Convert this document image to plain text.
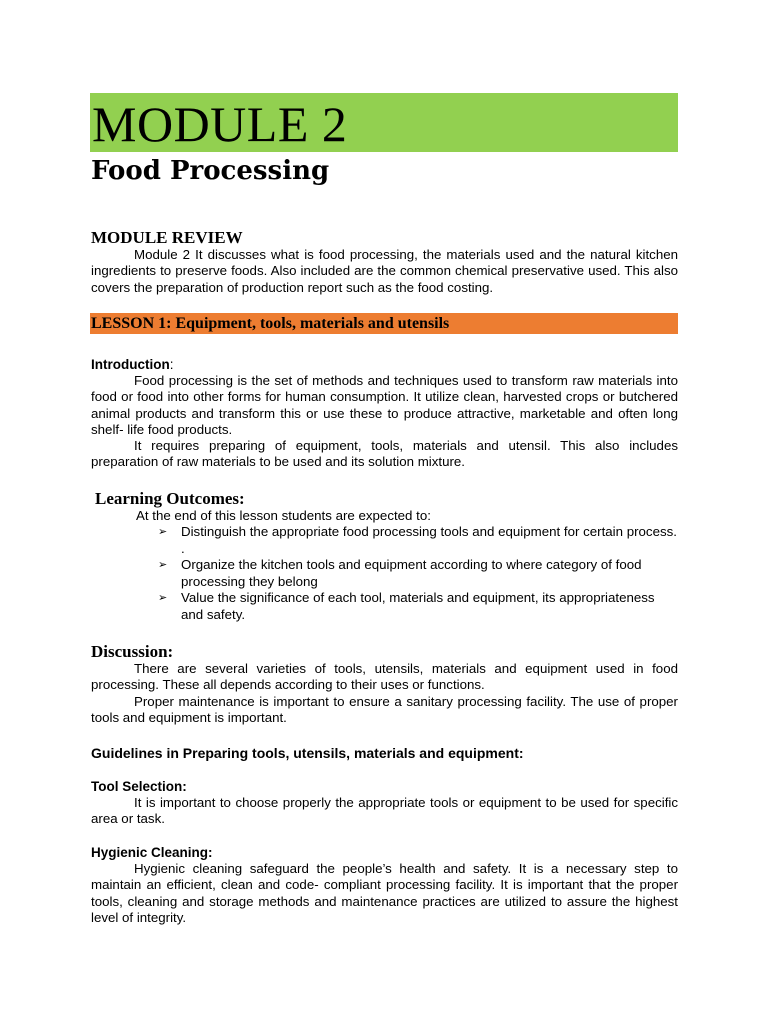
MODULE 2
Food Processing
MODULE REVIEW

Module 2 It discusses what is food processing, the materials used and the natural kitchen ingredients to preserve foods. Also included are the common chemical preservative used. This also covers the preparation of production report such as the food costing.

LESSON 1: Equipment, tools, materials and utensils
Introduction:

Food processing is the set of methods and techniques used to transform raw materials into food or food into other forms for human consumption. It utilize clean, harvested crops or butchered animal products and transform this or use these to produce attractive, marketable and often long shelf- life food products.

It requires preparing of equipment, tools, materials and utensil. This also includes preparation of raw materials to be used and its solution mixture.

Learning Outcomes:

At the end of this lesson students are expected to:

➢ Distinguish the appropriate food processing tools and equipment for certain process. .
➢ Organize the kitchen tools and equipment according to where category of food processing they belong
➢ Value the significance of each tool, materials and equipment, its appropriateness and safety.
Discussion:

There are several varieties of tools, utensils, materials and equipment used in food processing. These all depends according to their uses or functions.

Proper maintenance is important to ensure a sanitary processing facility. The use of proper tools and equipment is important.

Guidelines in Preparing tools, utensils, materials and equipment:
Tool Selection:

It is important to choose properly the appropriate tools or equipment to be used for specific area or task.

Hygienic Cleaning:

Hygienic cleaning safeguard the people’s health and safety. It is a necessary step to maintain an efficient, clean and code- compliant processing facility. It is important that the proper tools, cleaning and storage methods and maintenance practices are utilized to assure the highest level of integrity.
